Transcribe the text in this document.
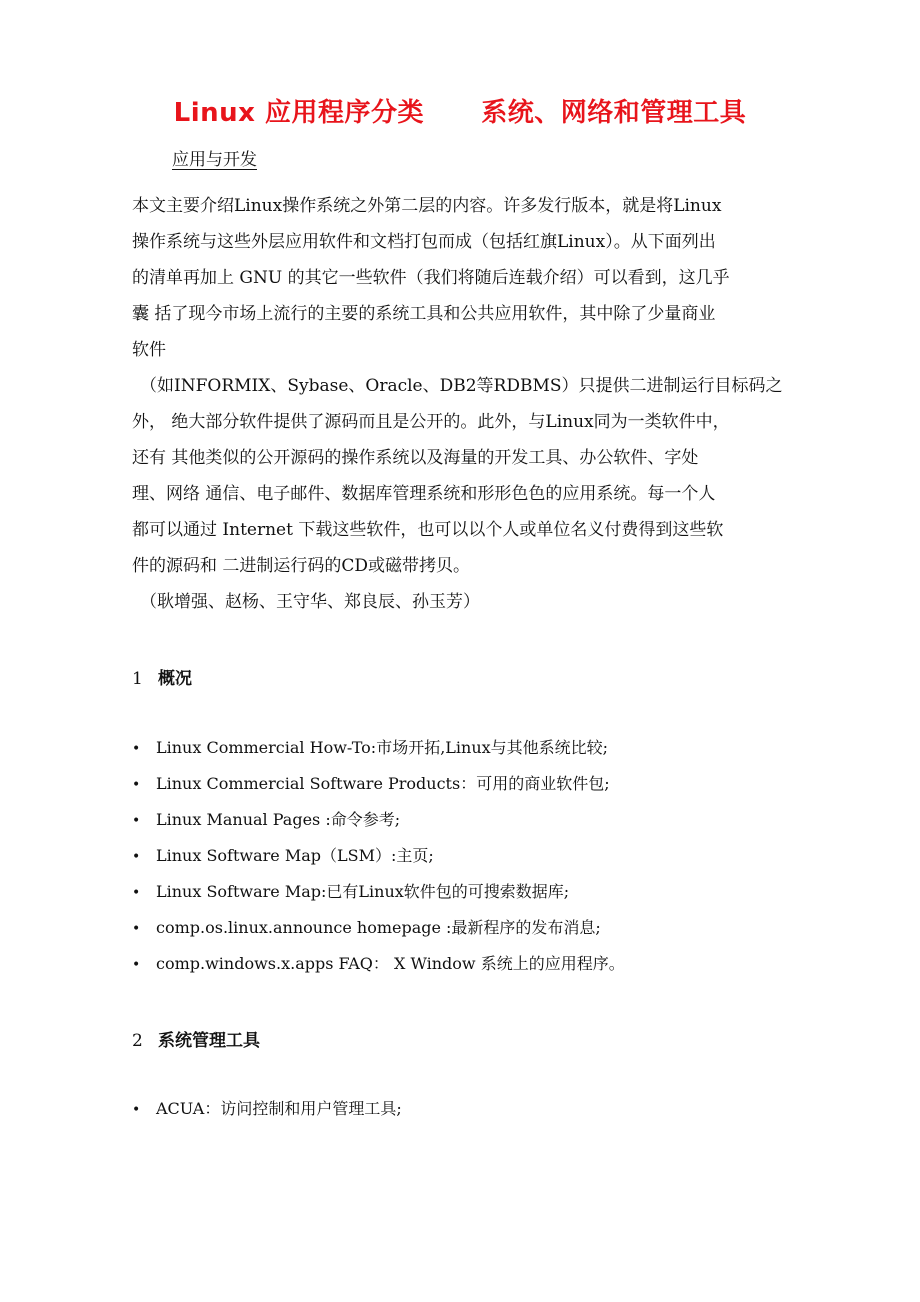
Linux 应用程序分类      系统、网络和管理工具
应用与开发
本文主要介绍Linux操作系统之外第二层的内容。许多发行版本，就是将Linux
操作系统与这些外层应用软件和文档打包而成（包括红旗Linux）。从下面列出
的清单再加上 GNU 的其它一些软件（我们将随后连载介绍）可以看到，这几乎
囊 括了现今市场上流行的主要的系统工具和公共应用软件，其中除了少量商业
软件
（如INFORMIX、Sybase、Oracle、DB2等RDBMS）只提供二进制运行目标码之
外， 绝大部分软件提供了源码而且是公开的。此外，与Linux同为一类软件中，
还有 其他类似的公开源码的操作系统以及海量的开发工具、办公软件、字处
理、网络 通信、电子邮件、数据库管理系统和形形色色的应用系统。每一个人
都可以通过 Internet 下载这些软件，也可以以个人或单位名义付费得到这些软
件的源码和 二进制运行码的CD或磁带拷贝。
（耿增强、赵杨、王守华、郑良辰、孙玉芳）
1 概况
• Linux Commercial How-To:市场开拓,Linux与其他系统比较;
• Linux Commercial Software Products：可用的商业软件包;
• Linux Manual Pages :命令参考;
• Linux Software Map（LSM）:主页;
• Linux Software Map:已有Linux软件包的可搜索数据库;
• comp.os.linux.announce homepage :最新程序的发布消息;
• comp.windows.x.apps FAQ： X Window 系统上的应用程序。
2 系统管理工具
• ACUA：访问控制和用户管理工具;
